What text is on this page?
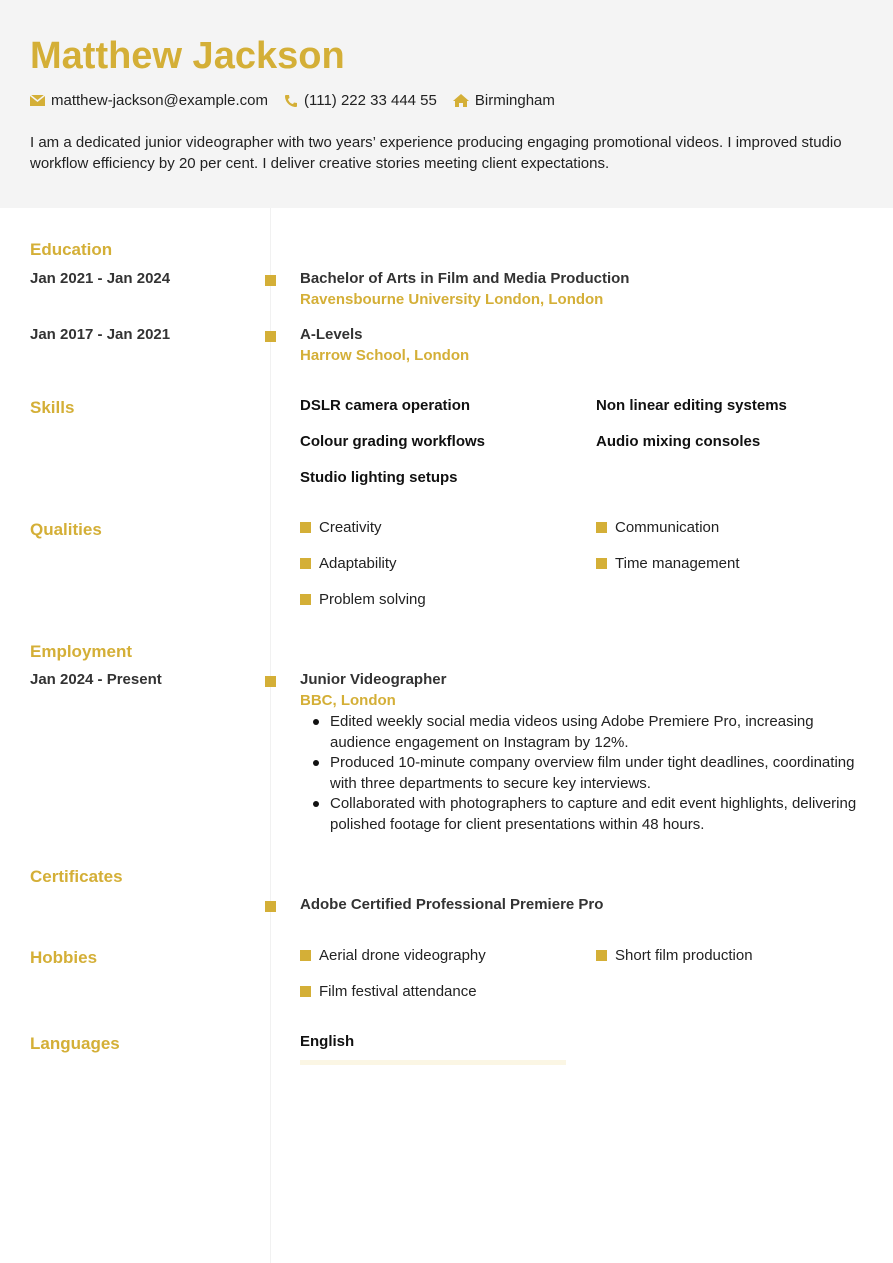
Matthew Jackson
matthew-jackson@example.com (111) 222 33 444 55	Birmingham
I am a dedicated junior videographer with two years’ experience producing engaging promotional videos. I improved studio workflow efficiency by 20 per cent. I deliver creative stories meeting client expectations.
Education
Jan 2021 - Jan 2024	Bachelor of Arts in Film and Media Production
Ravensbourne University London, London
Jan 2017 - Jan 2021	A-Levels
Harrow School, London
Skills	DSLR camera operation	Non linear editing systems
Colour grading workflows	Audio mixing consoles
Studio lighting setups
Qualities	Creativity	Communication
Adaptability	Time management
Problem solving
Employment
Jan 2024 - Present	Junior Videographer
BBC, London
Edited weekly social media videos using Adobe Premiere Pro, increasing audience engagement on Instagram by 12%.
Produced 10-minute company overview film under tight deadlines, coordinating with three departments to secure key interviews.
Collaborated with photographers to capture and edit event highlights, delivering polished footage for client presentations within 48 hours.
Certificates
Adobe Certified Professional Premiere Pro
Hobbies	Aerial drone videography	Short film production
Film festival attendance
Languages	English
